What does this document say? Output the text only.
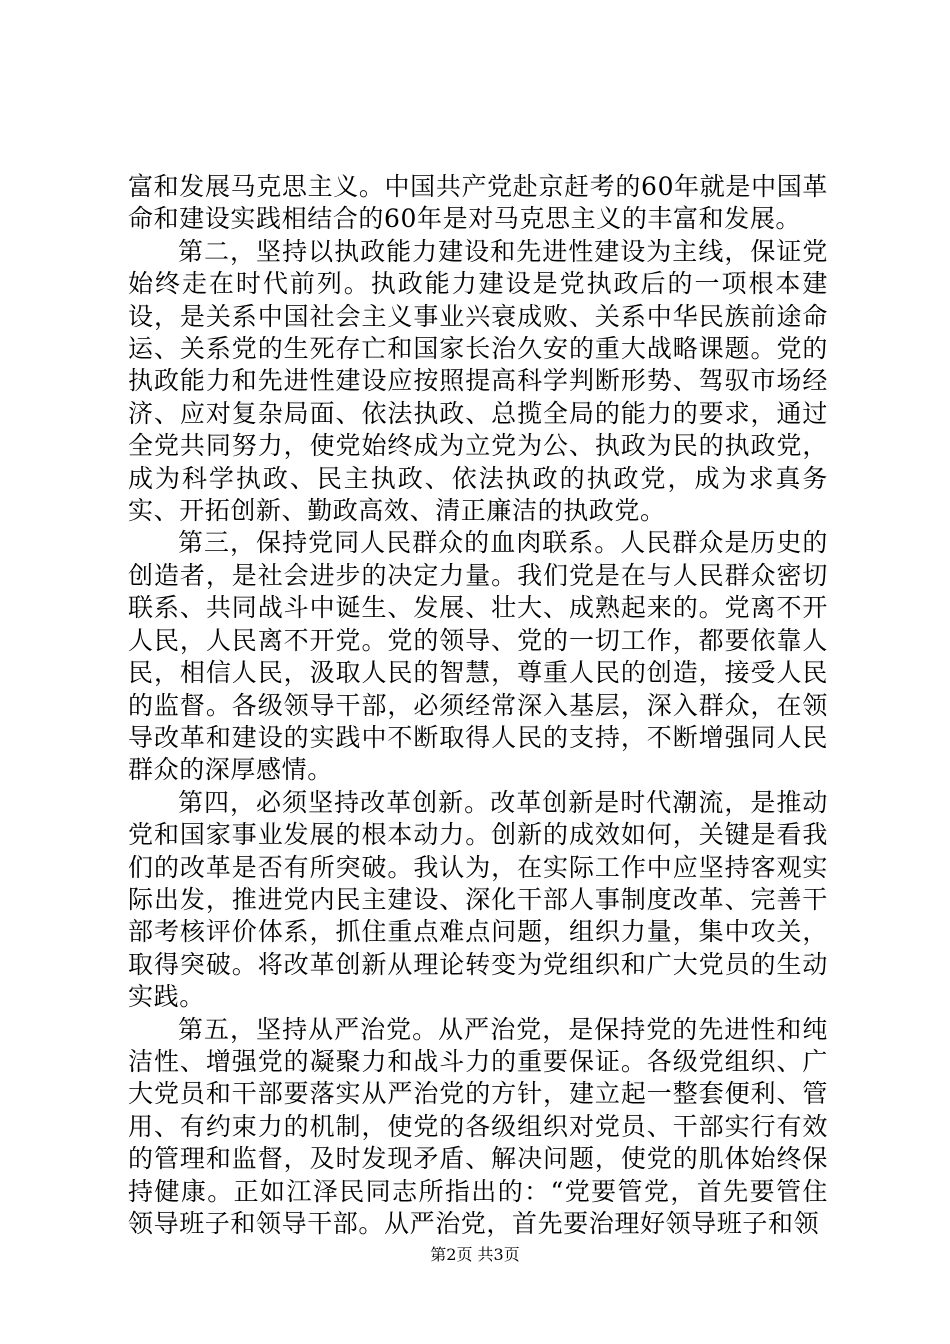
富和发展马克思主义。中国共产党赴京赶考的60年就是中国革命和建设实践相结合的60年是对马克思主义的丰富和发展。

第二，坚持以执政能力建设和先进性建设为主线，保证党始终走在时代前列。执政能力建设是党执政后的一项根本建设，是关系中国社会主义事业兴衰成败、关系中华民族前途命运、关系党的生死存亡和国家长治久安的重大战略课题。党的执政能力和先进性建设应按照提高科学判断形势、驾驭市场经济、应对复杂局面、依法执政、总揽全局的能力的要求，通过全党共同努力，使党始终成为立党为公、执政为民的执政党，成为科学执政、民主执政、依法执政的执政党，成为求真务实、开拓创新、勤政高效、清正廉洁的执政党。

第三，保持党同人民群众的血肉联系。人民群众是历史的创造者，是社会进步的决定力量。我们党是在与人民群众密切联系、共同战斗中诞生、发展、壮大、成熟起来的。党离不开人民，人民离不开党。党的领导、党的一切工作，都要依靠人民，相信人民，汲取人民的智慧，尊重人民的创造，接受人民的监督。各级领导干部，必须经常深入基层，深入群众，在领导改革和建设的实践中不断取得人民的支持，不断增强同人民群众的深厚感情。

第四，必须坚持改革创新。改革创新是时代潮流，是推动党和国家事业发展的根本动力。创新的成效如何，关键是看我们的改革是否有所突破。我认为，在实际工作中应坚持客观实际出发，推进党内民主建设、深化干部人事制度改革、完善干部考核评价体系，抓住重点难点问题，组织力量，集中攻关，取得突破。将改革创新从理论转变为党组织和广大党员的生动实践。

第五，坚持从严治党。从严治党，是保持党的先进性和纯洁性、增强党的凝聚力和战斗力的重要保证。各级党组织、广大党员和干部要落实从严治党的方针，建立起一整套便利、管用、有约束力的机制，使党的各级组织对党员、干部实行有效的管理和监督，及时发现矛盾、解决问题，使党的肌体始终保持健康。正如江泽民同志所指出的：“党要管党，首先要管住领导班子和领导干部。从严治党，首先要治理好领导班子和领

第2页 共3页
